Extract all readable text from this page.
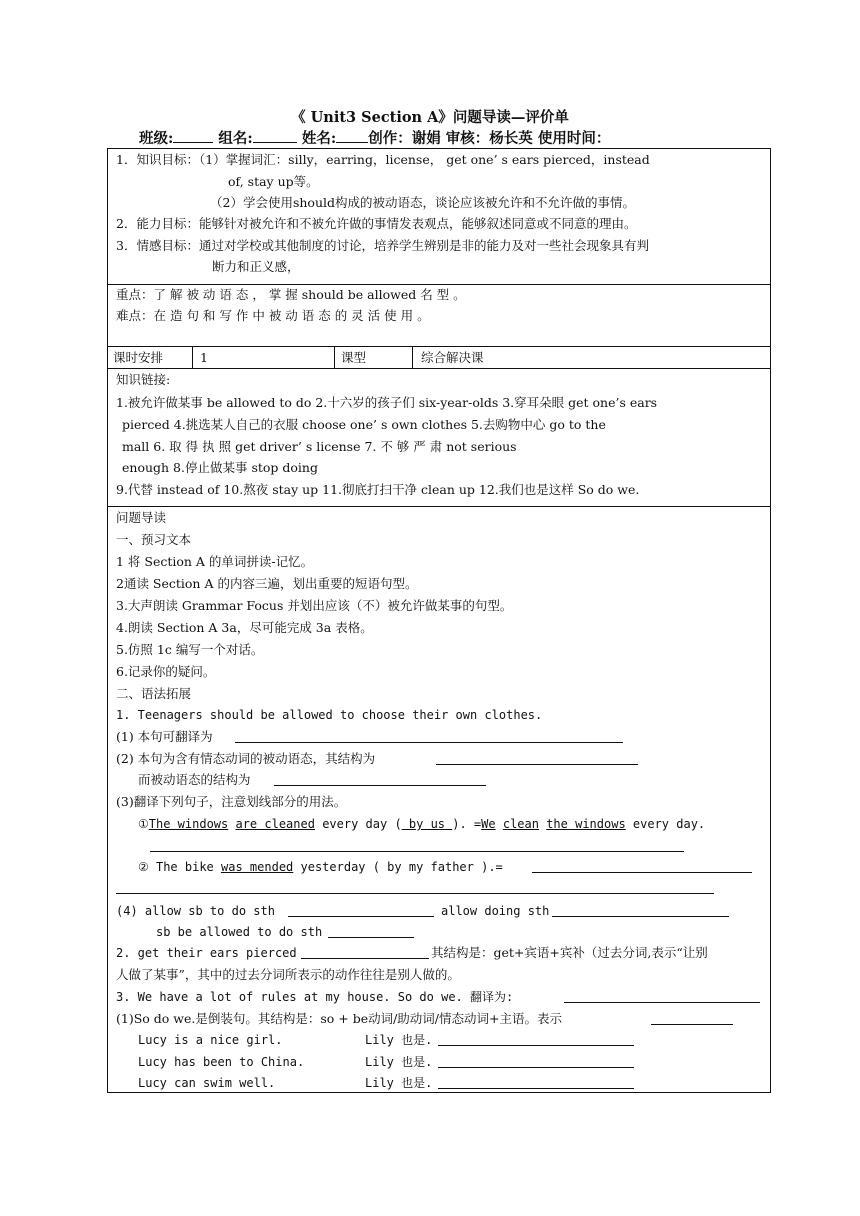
《 Unit3 Section A》问题导读—评价单
班级:	组名:	姓名: 创作：谢娟 审核：杨长英 使用时间：
1．知识目标：（1）掌握词汇：silly，earring，license， get one’ s ears pierced，instead
of, stay up等。
（2）学会使用should构成的被动语态，谈论应该被允许和不允许做的事情。
2．能力目标：能够针对被允许和不被允许做的事情发表观点，能够叙述同意或不同意的理由。
3．情感目标：通过对学校或其他制度的讨论，培养学生辨别是非的能力及对一些社会现象具有判
断力和正义感，
重点：了 解 被 动 语 态 ， 掌 握 should be allowed 名 型 。
难点：在 造 句 和 写 作 中 被 动 语 态 的 灵 活 使 用 。
课时安排	1	课型	综合解决课
知识链接:
1.被允许做某事 be allowed to do 2.十六岁的孩子们 six-year-olds 3.穿耳朵眼 get one’s ears
pierced 4.挑选某人自己的衣服 choose one’ s own clothes 5.去购物中心 go to the
mall 6. 取 得 执 照 get driver’ s license 7. 不 够 严 肃 not serious
enough 8.停止做某事 stop doing
9.代替 instead of 10.熬夜 stay up 11.彻底打扫干净 clean up 12.我们也是这样 So do we.
问题导读
一、预习文本
1 将 Section A 的单词拼读-记忆。
2通读 Section A 的内容三遍，划出重要的短语句型。
3.大声朗读 Grammar Focus 并划出应该（不）被允许做某事的句型。
4.朗读 Section A 3a，尽可能完成 3a 表格。
5.仿照 1c 编写一个对话。
6.记录你的疑问。
二、语法拓展
1. Teenagers should be allowed to choose their own clothes.
(1) 本句可翻译为
(2) 本句为含有情态动词的被动语态，其结构为
而被动语态的结构为
(3)翻译下列句子，注意划线部分的用法。
①The windows are cleaned every day ( by us ). =We clean the windows every day.
② The bike was mended yesterday ( by my father ).=
(4) allow sb to do sth	allow doing sth
sb be allowed to do sth
2. get their ears pierced	其结构是：get+宾语+宾补（过去分词,表示“让别
人做了某事”，其中的过去分词所表示的动作往往是别人做的。
3. We have a lot of rules at my house. So do we. 翻译为:
(1)So do we.是倒装句。其结构是：so + be动词/助动词/情态动词+主语。表示
Lucy is a nice girl.	Lily 也是.
Lucy has been to China.	Lily 也是.
Lucy can swim well.	Lily 也是.
